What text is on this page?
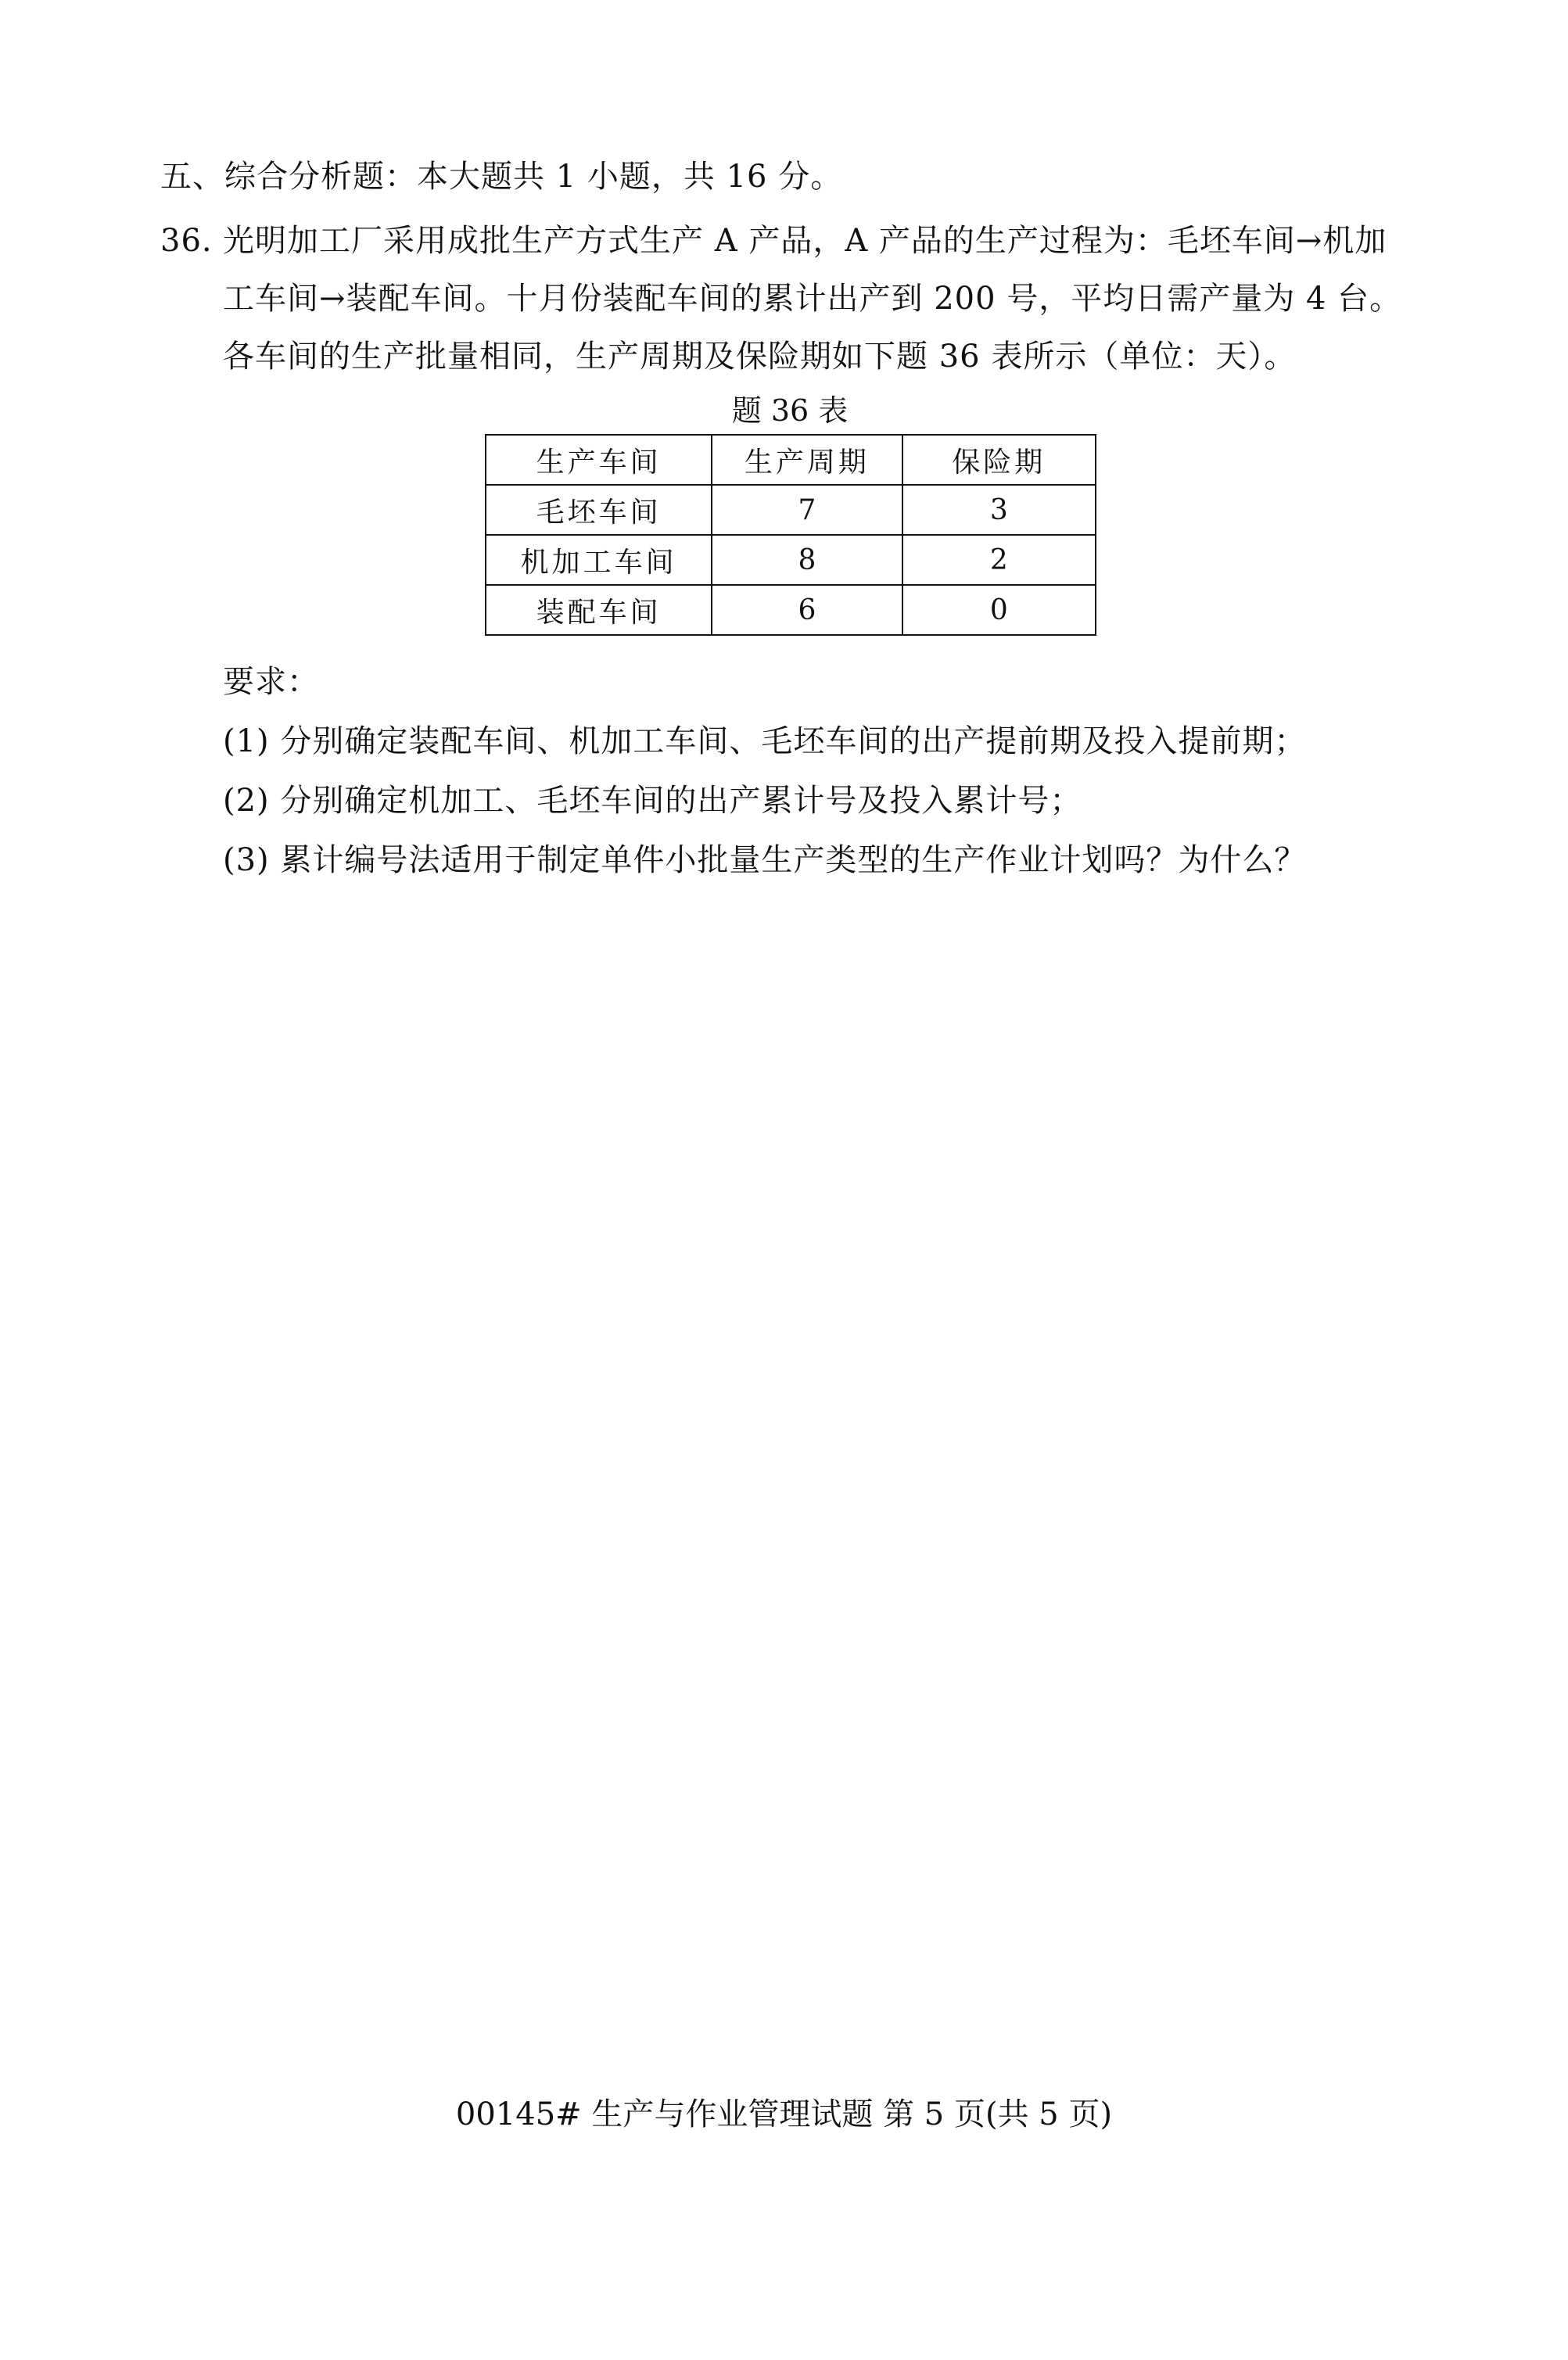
五、综合分析题：本大题共 1 小题，共 16 分。
36. 光明加工厂采用成批生产方式生产 A 产品，A 产品的生产过程为：毛坯车间→机加
工车间→装配车间。十月份装配车间的累计出产到 200 号，平均日需产量为 4 台。
各车间的生产批量相同，生产周期及保险期如下题 36 表所示（单位：天）。
题 36 表
生产车间	生产周期	保险期
毛坯车间	7	3
机加工车间	8	2
装配车间	6	0
要求：
(1) 分别确定装配车间、机加工车间、毛坯车间的出产提前期及投入提前期；
(2) 分别确定机加工、毛坯车间的出产累计号及投入累计号；
(3) 累计编号法适用于制定单件小批量生产类型的生产作业计划吗？为什么？
00145# 生产与作业管理试题 第 5 页(共 5 页)
